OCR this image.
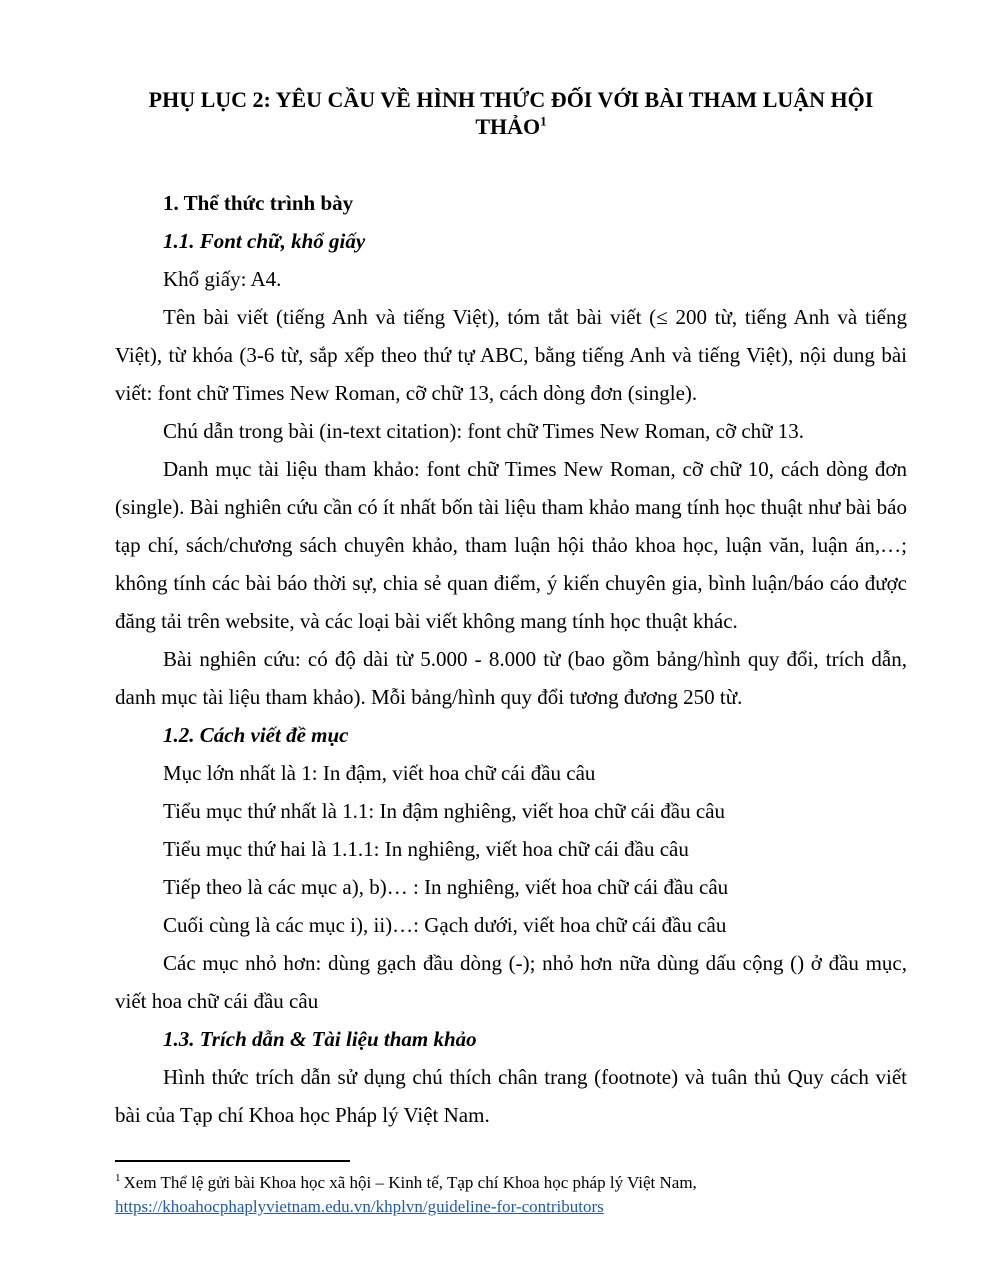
PHỤ LỤC 2: YÊU CẦU VỀ HÌNH THỨC ĐỐI VỚI BÀI THAM LUẬN HỘI THẢO$^1$

1. Thể thức trình bày

1.1. Font chữ, khổ giấy

Khổ giấy: A4.

Tên bài viết (tiếng Anh và tiếng Việt), tóm tắt bài viết (≤ 200 từ, tiếng Anh và tiếng Việt), từ khóa (3-6 từ, sắp xếp theo thứ tự ABC, bằng tiếng Anh và tiếng Việt), nội dung bài viết: font chữ Times New Roman, cỡ chữ 13, cách dòng đơn (single).

Chú dẫn trong bài (in-text citation): font chữ Times New Roman, cỡ chữ 13.

Danh mục tài liệu tham khảo: font chữ Times New Roman, cỡ chữ 10, cách dòng đơn (single). Bài nghiên cứu cần có ít nhất bốn tài liệu tham khảo mang tính học thuật như bài báo tạp chí, sách/chương sách chuyên khảo, tham luận hội thảo khoa học, luận văn, luận án,…; không tính các bài báo thời sự, chia sẻ quan điểm, ý kiến chuyên gia, bình luận/báo cáo được đăng tải trên website, và các loại bài viết không mang tính học thuật khác.

Bài nghiên cứu: có độ dài từ 5.000 - 8.000 từ (bao gồm bảng/hình quy đổi, trích dẫn, danh mục tài liệu tham khảo). Mỗi bảng/hình quy đổi tương đương 250 từ.

1.2. Cách viết đề mục

Mục lớn nhất là 1: In đậm, viết hoa chữ cái đầu câu

Tiểu mục thứ nhất là 1.1: In đậm nghiêng, viết hoa chữ cái đầu câu

Tiểu mục thứ hai là 1.1.1: In nghiêng, viết hoa chữ cái đầu câu

Tiếp theo là các mục a), b)… : In nghiêng, viết hoa chữ cái đầu câu

Cuối cùng là các mục i), ii)…: Gạch dưới, viết hoa chữ cái đầu câu

Các mục nhỏ hơn: dùng gạch đầu dòng (-); nhỏ hơn nữa dùng dấu cộng () ở đầu mục, viết hoa chữ cái đầu câu

1.3. Trích dẫn & Tài liệu tham khảo

Hình thức trích dẫn sử dụng chú thích chân trang (footnote) và tuân thủ Quy cách viết bài của Tạp chí Khoa học Pháp lý Việt Nam.

$^1$ Xem Thể lệ gửi bài Khoa học xã hội – Kinh tế, Tạp chí Khoa học pháp lý Việt Nam,
https://khoahocphaplyvietnam.edu.vn/khplvn/guideline-for-contributors
